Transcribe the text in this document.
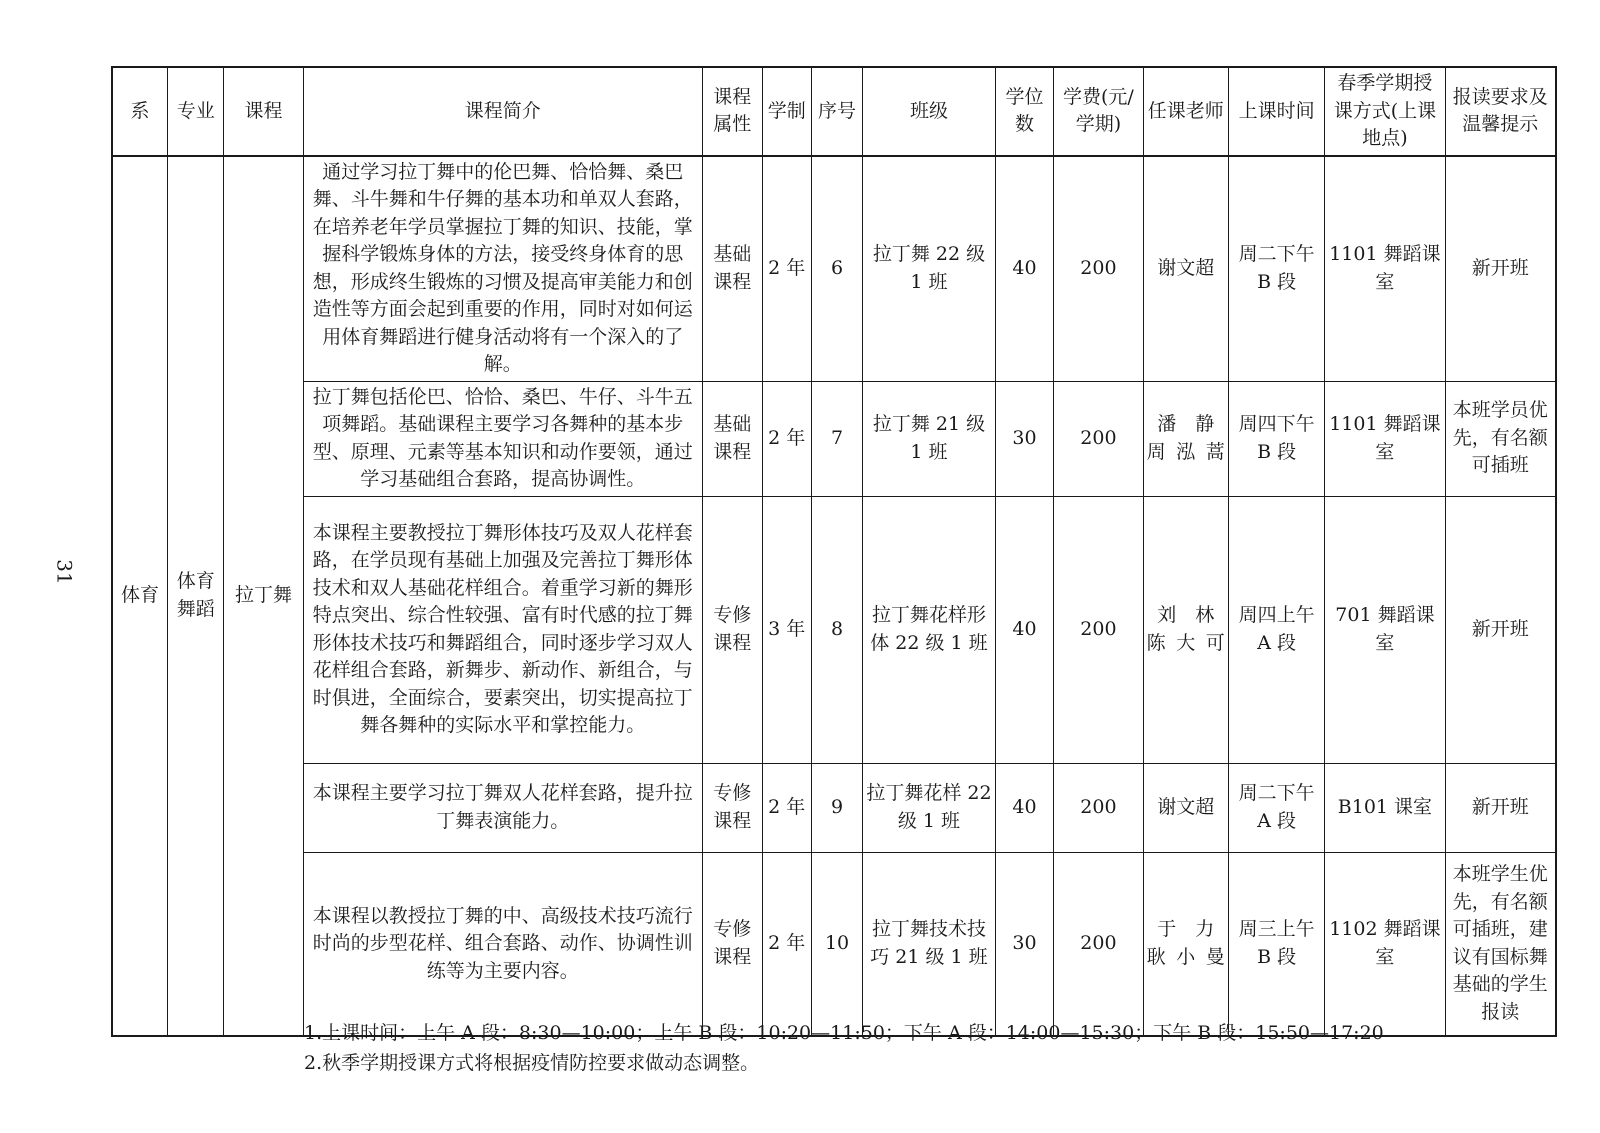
31
系	专业	课程	课程简介	课程属性	学制	序号	班级	学位数	学费(元/学期)	任课老师	上课时间	春季学期授课方式(上课地点)	报读要求及温馨提示
体育	体育舞蹈	拉丁舞	通过学习拉丁舞中的伦巴舞、恰恰舞、桑巴舞、斗牛舞和牛仔舞的基本功和单双人套路，在培养老年学员掌握拉丁舞的知识、技能，掌握科学锻炼身体的方法，接受终身体育的思想，形成终生锻炼的习惯及提高审美能力和创造性等方面会起到重要的作用，同时对如何运用体育舞蹈进行健身活动将有一个深入的了解。	基础课程	2 年	6	拉丁舞 22 级 1 班	40	200	谢文超	周二下午B 段	1101 舞蹈课室	新开班
			拉丁舞包括伦巴、恰恰、桑巴、牛仔、斗牛五项舞蹈。基础课程主要学习各舞种的基本步型、原理、元素等基本知识和动作要领，通过学习基础组合套路，提高协调性。	基础课程	2 年	7	拉丁舞 21 级 1 班	30	200	潘　静 周泓蒿	周四下午B 段	1101 舞蹈课室	本班学员优先，有名额可插班
			本课程主要教授拉丁舞形体技巧及双人花样套路，在学员现有基础上加强及完善拉丁舞形体技术和双人基础花样组合。着重学习新的舞形特点突出、综合性较强、富有时代感的拉丁舞形体技术技巧和舞蹈组合，同时逐步学习双人花样组合套路，新舞步、新动作、新组合，与时俱进，全面综合，要素突出，切实提高拉丁舞各舞种的实际水平和掌控能力。	专修课程	3 年	8	拉丁舞花样形体 22 级 1 班	40	200	刘　林 陈大可	周四上午A 段	701 舞蹈课室	新开班
			本课程主要学习拉丁舞双人花样套路，提升拉丁舞表演能力。	专修课程	2 年	9	拉丁舞花样 22 级 1 班	40	200	谢文超	周二下午A 段	B101 课室	新开班
			本课程以教授拉丁舞的中、高级技术技巧流行时尚的步型花样、组合套路、动作、协调性训练等为主要内容。	专修课程	2 年	10	拉丁舞技术技巧 21 级 1 班	30	200	于　力 耿小曼	周三上午B 段	1102 舞蹈课室	本班学生优先，有名额可插班，建议有国标舞基础的学生报读
1.上课时间：上午 A 段：8:30—10:00；上午 B 段：10:20—11:50；下午 A 段：14:00—15:30；下午 B 段：15:50—17:20
2.秋季学期授课方式将根据疫情防控要求做动态调整。
